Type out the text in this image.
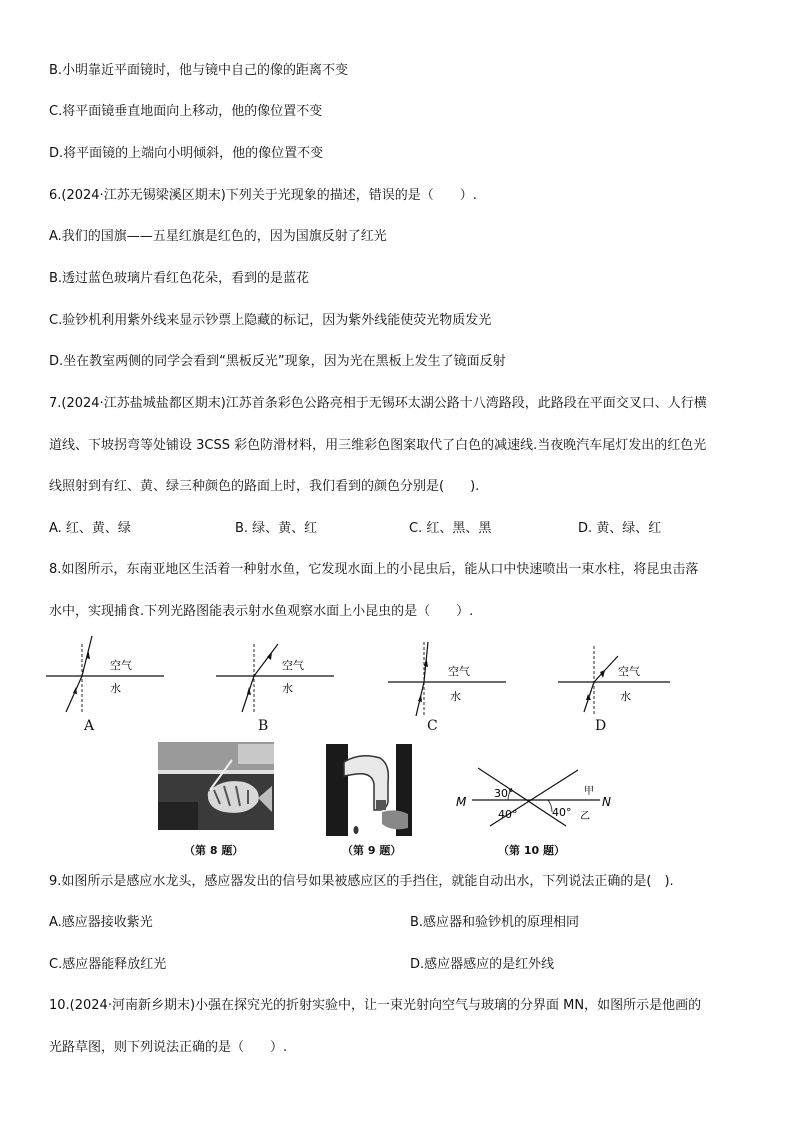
B.小明靠近平面镜时，他与镜中自己的像的距离不变
C.将平面镜垂直地面向上移动，他的像位置不变
D.将平面镜的上端向小明倾斜，他的像位置不变
6.(2024·江苏无锡梁溪区期末)下列关于光现象的描述，错误的是（　　）.
A.我们的国旗——五星红旗是红色的，因为国旗反射了红光
B.透过蓝色玻璃片看红色花朵，看到的是蓝花
C.验钞机利用紫外线来显示钞票上隐藏的标记，因为紫外线能使荧光物质发光
D.坐在教室两侧的同学会看到“黑板反光”现象，因为光在黑板上发生了镜面反射
7.(2024·江苏盐城盐都区期末)江苏首条彩色公路亮相于无锡环太湖公路十八湾路段，此路段在平面交叉口、人行横
道线、下坡拐弯等处铺设 3CSS 彩色防滑材料，用三维彩色图案取代了白色的减速线.当夜晚汽车尾灯发出的红色光
线照射到有红、黄、绿三种颜色的路面上时，我们看到的颜色分别是(　　).
A. 红、黄、绿	B. 绿、黄、红	C. 红、黑、黑	D. 黄、绿、红
8.如图所示，东南亚地区生活着一种射水鱼，它发现水面上的小昆虫后，能从口中快速喷出一束水柱，将昆虫击落
水中，实现捕食.下列光路图能表示射水鱼观察水面上小昆虫的是（　　）.
空气
水
A
空气
水
B
空气
水
C
空气
水
D
M	N
30°
40°	40°
甲
乙
（第 8 题）	（第 9 题）	（第 10 题）
9.如图所示是感应水龙头，感应器发出的信号如果被感应区的手挡住，就能自动出水，下列说法正确的是(　).
A.感应器接收紫光	B.感应器和验钞机的原理相同
C.感应器能释放红光	D.感应器感应的是红外线
10.(2024·河南新乡期末)小强在探究光的折射实验中，让一束光射向空气与玻璃的分界面 MN，如图所示是他画的
光路草图，则下列说法正确的是（　　）.
